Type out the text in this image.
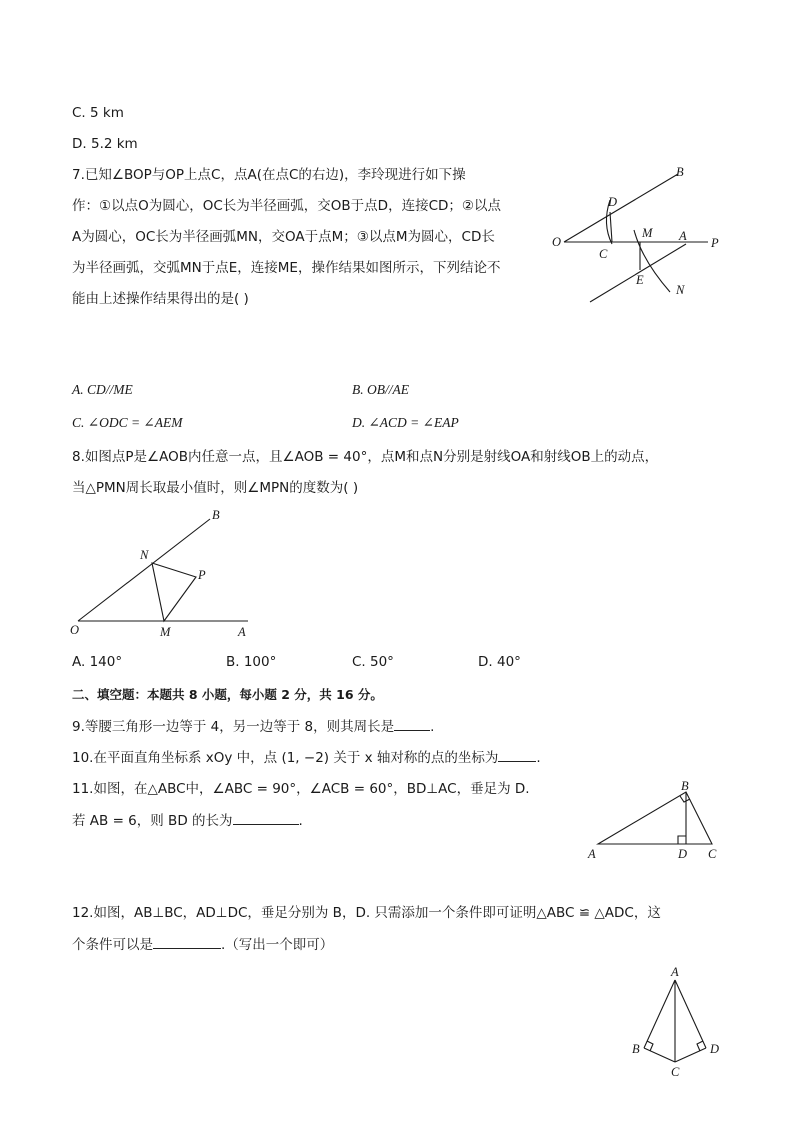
C. 5 km
D. 5.2 km
7.已知∠BOP与OP上点C，点A(在点C的右边)，李玲现进行如下操
作：①以点O为圆心，OC长为半径画弧，交OB于点D，连接CD；②以点
A为圆心，OC长为半径画弧MN，交OA于点M；③以点M为圆心，CD长
为半径画弧，交弧MN于点E，连接ME，操作结果如图所示，下列结论不
能由上述操作结果得出的是( )
B
D
M A P
O
C
E
N
A. CD//ME	B. OB//AE
C. ∠ODC = ∠AEM	D. ∠ACD = ∠EAP
8.如图点P是∠AOB内任意一点，且∠AOB = 40°，点M和点N分别是射线OA和射线OB上的动点，
当△PMN周长取最小值时，则∠MPN的度数为( )
B
N
P
O	M	A
A. 140°	B. 100°	C. 50°	D. 40°
二、填空题：本题共 8 小题，每小题 2 分，共 16 分。
9.等腰三角形一边等于 4，另一边等于 8，则其周长是	.
10.在平面直角坐标系 xOy 中，点 (1, −2) 关于 x 轴对称的点的坐标为	.
11.如图，在△ABC中，∠ABC = 90°，∠ACB = 60°，BD⊥AC，垂足为 D.
若 AB = 6，则 BD 的长为	.
B
A	D C
12.如图，AB⊥BC，AD⊥DC，垂足分别为 B，D. 只需添加一个条件即可证明△ABC ≌ △ADC，这
个条件可以是	.（写出一个即可）
A
B	D
C
